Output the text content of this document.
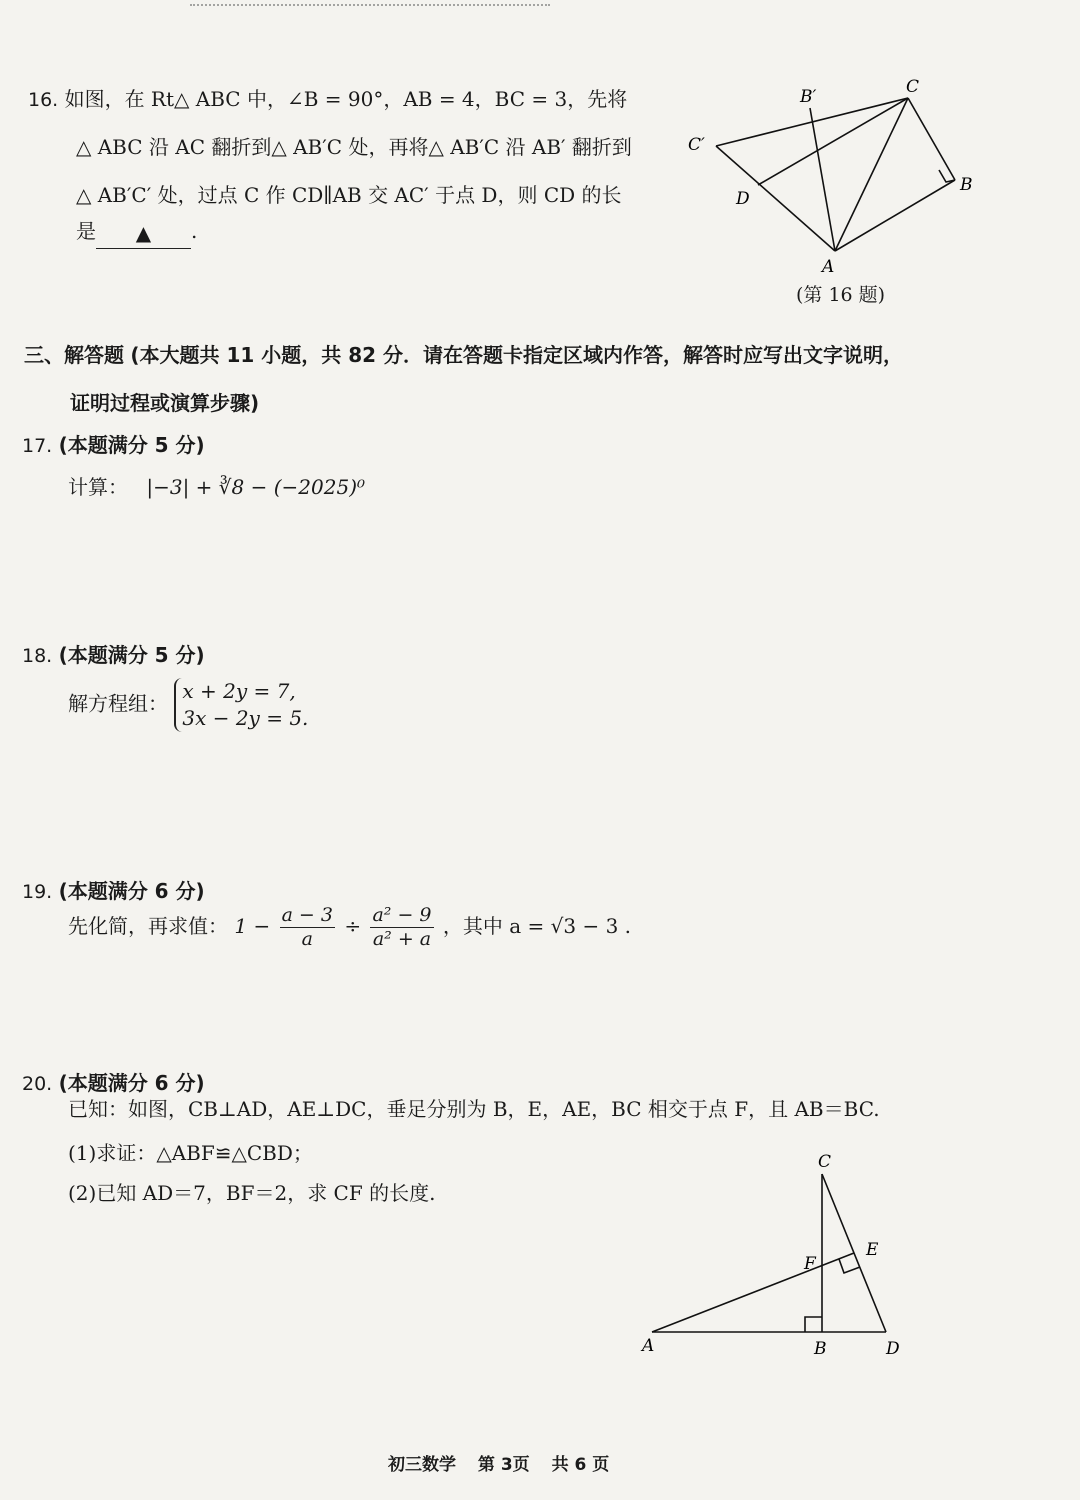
16. 如图，在 Rt△ ABC 中，∠B = 90°，AB = 4，BC = 3，先将
△ ABC 沿 AC 翻折到△ AB′C 处，再将△ AB′C 沿 AB′ 翻折到
△ AB′C′ 处，过点 C 作 CD∥AB 交 AC′ 于点 D，则 CD 的长
是 ▲ .
C
B′
C′
D
B
A
(第 16 题)
三、解答题 (本大题共 11 小题，共 82 分．请在答题卡指定区域内作答，解答时应写出文字说明，
证明过程或演算步骤)
17. (本题满分 5 分)
计算： |−3| + ∛8 − (−2025)⁰
18. (本题满分 5 分)
解方程组：
x + 2y = 7,
3x − 2y = 5.
19. (本题满分 6 分)
先化简，再求值： $1 - \frac{a - 3}{a} \div \frac{\text{a² − 9}}{\text{a² + a}}$ ，其中 a = √3 − 3 .
20. (本题满分 6 分)
已知：如图，CB⊥AD，AE⊥DC，垂足分别为 B，E，AE，BC 相交于点 F，且 AB＝BC.
(1)求证：△ABF≌△CBD；
(2)已知 AD＝7，BF＝2，求 CF 的长度.
C
E
F
A	B	D
初三数学 第 3页 共 6 页
